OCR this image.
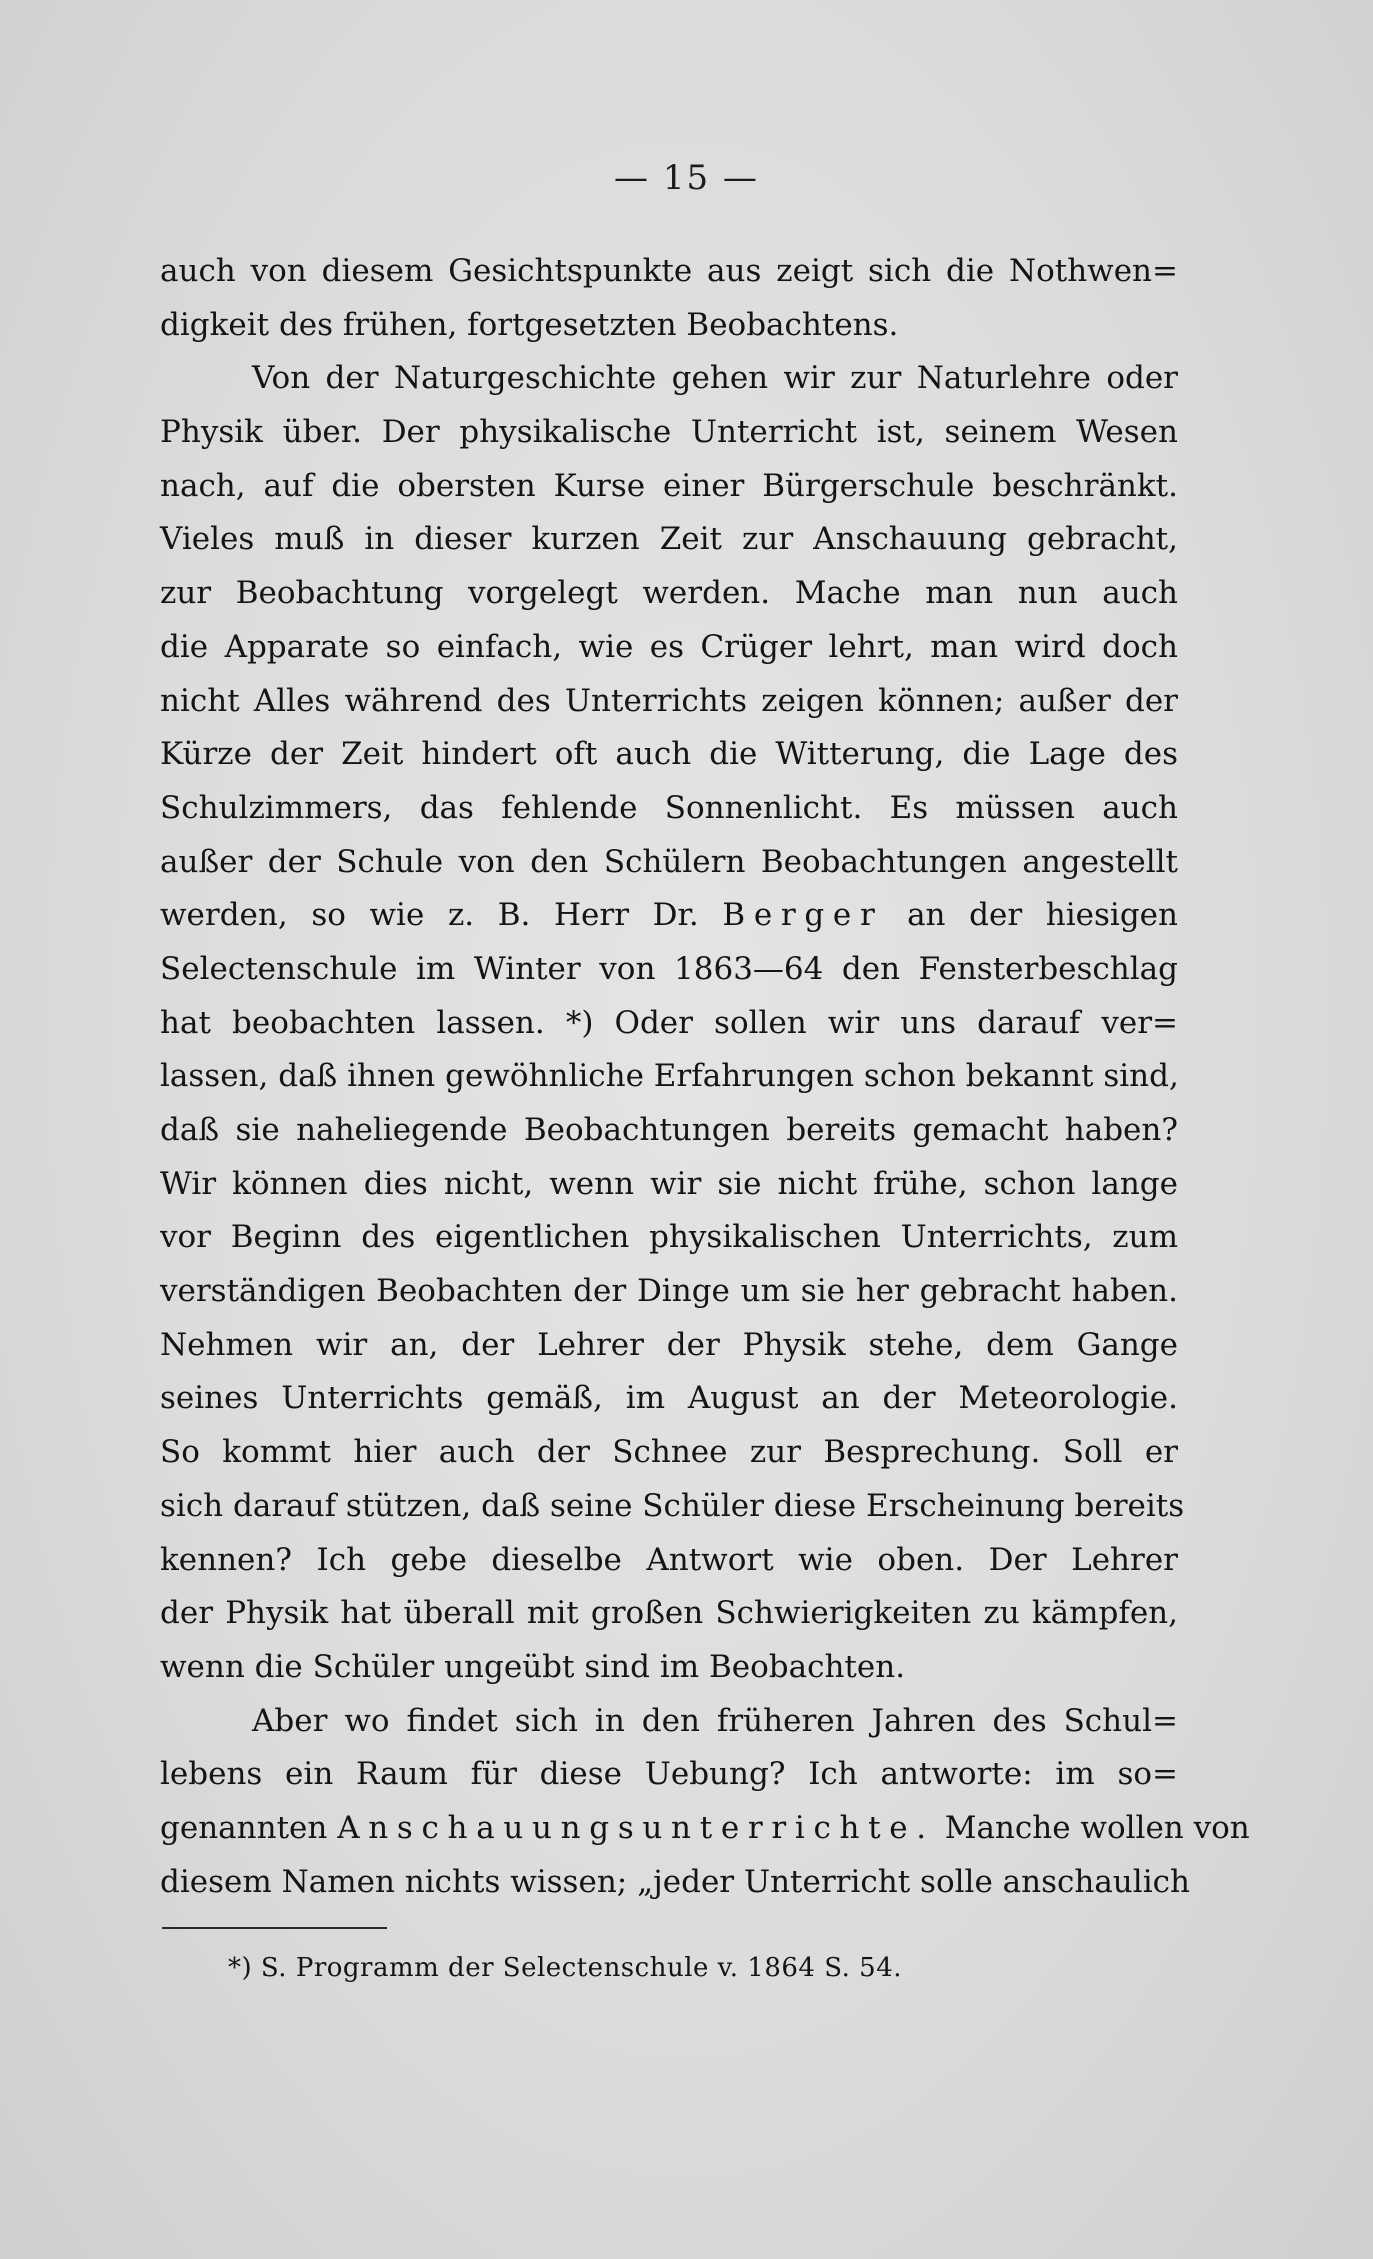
— 15 —
auch von diesem Gesichtspunkte aus zeigt sich die Nothwen=
digkeit des frühen, fortgesetzten Beobachtens.
Von der Naturgeschichte gehen wir zur Naturlehre oder
Physik über. Der physikalische Unterricht ist, seinem Wesen
nach, auf die obersten Kurse einer Bürgerschule beschränkt.
Vieles muß in dieser kurzen Zeit zur Anschauung gebracht,
zur Beobachtung vorgelegt werden. Mache man nun auch
die Apparate so einfach, wie es Crüger lehrt, man wird doch
nicht Alles während des Unterrichts zeigen können; außer der
Kürze der Zeit hindert oft auch die Witterung, die Lage des
Schulzimmers, das fehlende Sonnenlicht. Es müssen auch
außer der Schule von den Schülern Beobachtungen angestellt
werden, so wie z. B. Herr Dr. Berger an der hiesigen
Selectenschule im Winter von 1863—64 den Fensterbeschlag
hat beobachten lassen. *) Oder sollen wir uns darauf ver=
lassen, daß ihnen gewöhnliche Erfahrungen schon bekannt sind,
daß sie naheliegende Beobachtungen bereits gemacht haben?
Wir können dies nicht, wenn wir sie nicht frühe, schon lange
vor Beginn des eigentlichen physikalischen Unterrichts, zum
verständigen Beobachten der Dinge um sie her gebracht haben.
Nehmen wir an, der Lehrer der Physik stehe, dem Gange
seines Unterrichts gemäß, im August an der Meteorologie.
So kommt hier auch der Schnee zur Besprechung. Soll er
sich darauf stützen, daß seine Schüler diese Erscheinung bereits
kennen? Ich gebe dieselbe Antwort wie oben. Der Lehrer
der Physik hat überall mit großen Schwierigkeiten zu kämpfen,
wenn die Schüler ungeübt sind im Beobachten.
Aber wo findet sich in den früheren Jahren des Schul=
lebens ein Raum für diese Uebung? Ich antworte: im so=
genannten Anschauungsunterrichte. Manche wollen von
diesem Namen nichts wissen; „jeder Unterricht solle anschaulich
*) S. Programm der Selectenschule v. 1864 S. 54.
